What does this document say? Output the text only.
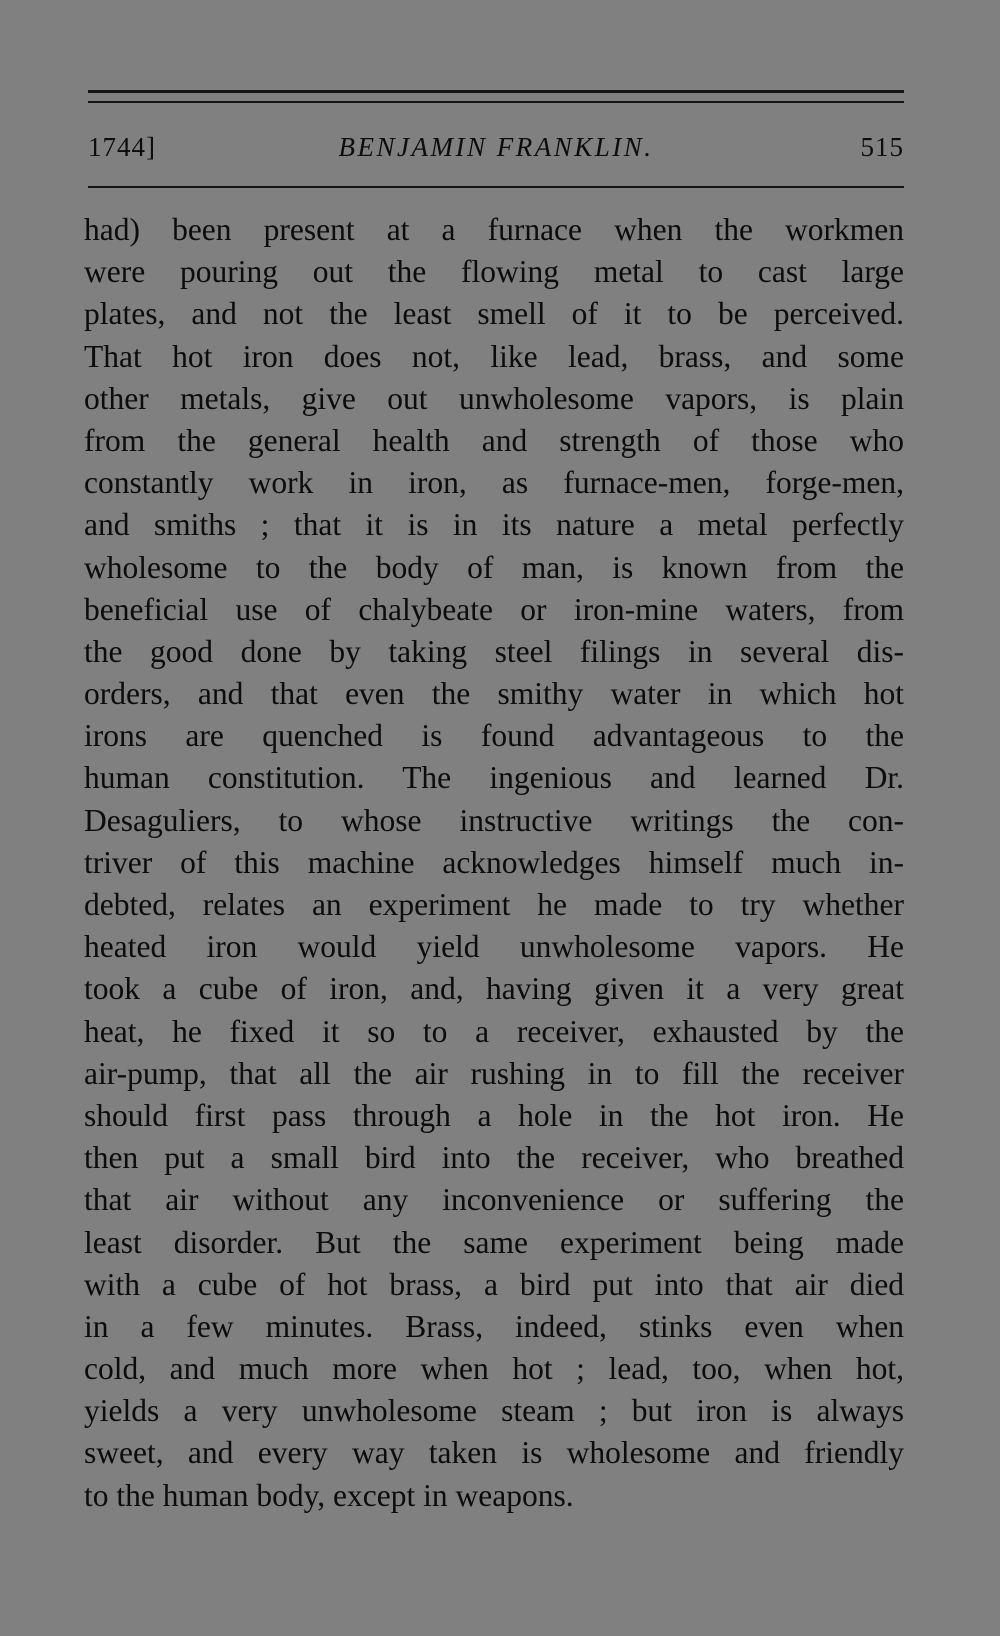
1744]	BENJAMIN FRANKLIN.	515
had) been present at a furnace when the workmen
were pouring out the flowing metal to cast large
plates, and not the least smell of it to be perceived.
That hot iron does not, like lead, brass, and some
other metals, give out unwholesome vapors, is plain
from the general health and strength of those who
constantly work in iron, as furnace-men, forge-men,
and smiths ; that it is in its nature a metal perfectly
wholesome to the body of man, is known from the
beneficial use of chalybeate or iron-mine waters, from
the good done by taking steel filings in several dis-
orders, and that even the smithy water in which hot
irons are quenched is found advantageous to the
human constitution. The ingenious and learned Dr.
Desaguliers, to whose instructive writings the con-
triver of this machine acknowledges himself much in-
debted, relates an experiment he made to try whether
heated iron would yield unwholesome vapors. He
took a cube of iron, and, having given it a very great
heat, he fixed it so to a receiver, exhausted by the
air-pump, that all the air rushing in to fill the receiver
should first pass through a hole in the hot iron. He
then put a small bird into the receiver, who breathed
that air without any inconvenience or suffering the
least disorder. But the same experiment being made
with a cube of hot brass, a bird put into that air died
in a few minutes. Brass, indeed, stinks even when
cold, and much more when hot ; lead, too, when hot,
yields a very unwholesome steam ; but iron is always
sweet, and every way taken is wholesome and friendly
to the human body, except in weapons.
